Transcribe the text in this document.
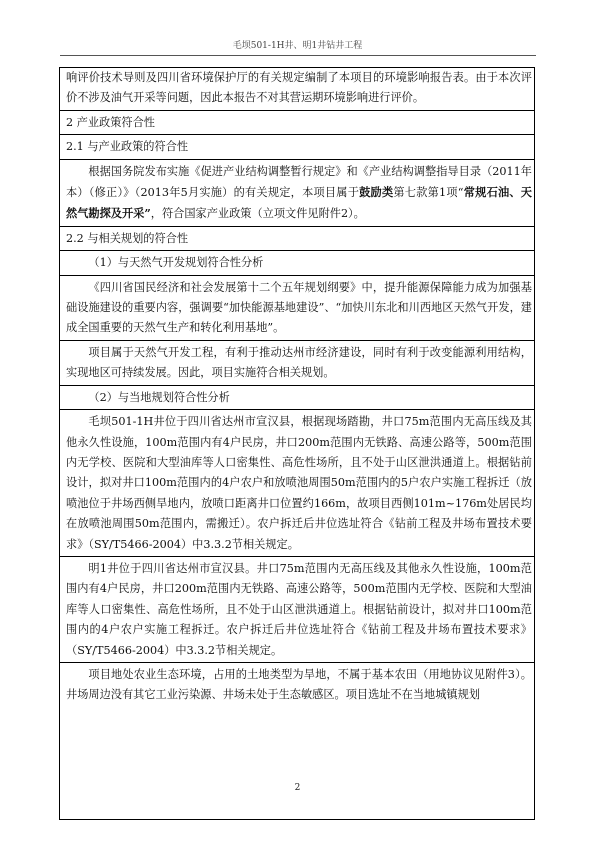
毛坝501-1H井、明1井钻井工程

响评价技术导则及四川省环境保护厅的有关规定编制了本项目的环境影响报告表。由于本次评价不涉及油气开采等问题，因此本报告不对其营运期环境影响进行评价。

2 产业政策符合性

2.1 与产业政策的符合性

根据国务院发布实施《促进产业结构调整暂行规定》和《产业结构调整指导目录（2011年本）（修正）》（2013年5月实施）的有关规定，本项目属于鼓励类第七款第1项“常规石油、天然气勘探及开采”，符合国家产业政策（立项文件见附件2）。

2.2 与相关规划的符合性

（1）与天然气开发规划符合性分析

《四川省国民经济和社会发展第十二个五年规划纲要》中，提升能源保障能力成为加强基础设施建设的重要内容，强调要“加快能源基地建设”、“加快川东北和川西地区天然气开发，建成全国重要的天然气生产和转化利用基地”。

项目属于天然气开发工程，有利于推动达州市经济建设，同时有利于改变能源利用结构，实现地区可持续发展。因此，项目实施符合相关规划。

（2）与当地规划符合性分析

毛坝501-1H井位于四川省达州市宣汉县，根据现场踏勘，井口75m范围内无高压线及其他永久性设施，100m范围内有4户民房，井口200m范围内无铁路、高速公路等，500m范围内无学校、医院和大型油库等人口密集性、高危性场所，且不处于山区泄洪通道上。根据钻前设计，拟对井口100m范围内的4户农户和放喷池周围50m范围内的5户农户实施工程拆迁（放喷池位于井场西侧旱地内，放喷口距离井口位置约166m，故项目西侧101m~176m处居民均在放喷池周围50m范围内，需搬迁）。农户拆迁后井位选址符合《钻前工程及井场布置技术要求》（SY/T5466-2004）中3.3.2节相关规定。

明1井位于四川省达州市宣汉县。井口75m范围内无高压线及其他永久性设施，100m范围内有4户民房，井口200m范围内无铁路、高速公路等，500m范围内无学校、医院和大型油库等人口密集性、高危性场所，且不处于山区泄洪通道上。根据钻前设计，拟对井口100m范围内的4户农户实施工程拆迁。农户拆迁后井位选址符合《钻前工程及井场布置技术要求》（SY/T5466-2004）中3.3.2节相关规定。

项目地处农业生态环境，占用的土地类型为旱地，不属于基本农田（用地协议见附件3）。井场周边没有其它工业污染源、井场未处于生态敏感区。项目选址不在当地城镇规划

2
